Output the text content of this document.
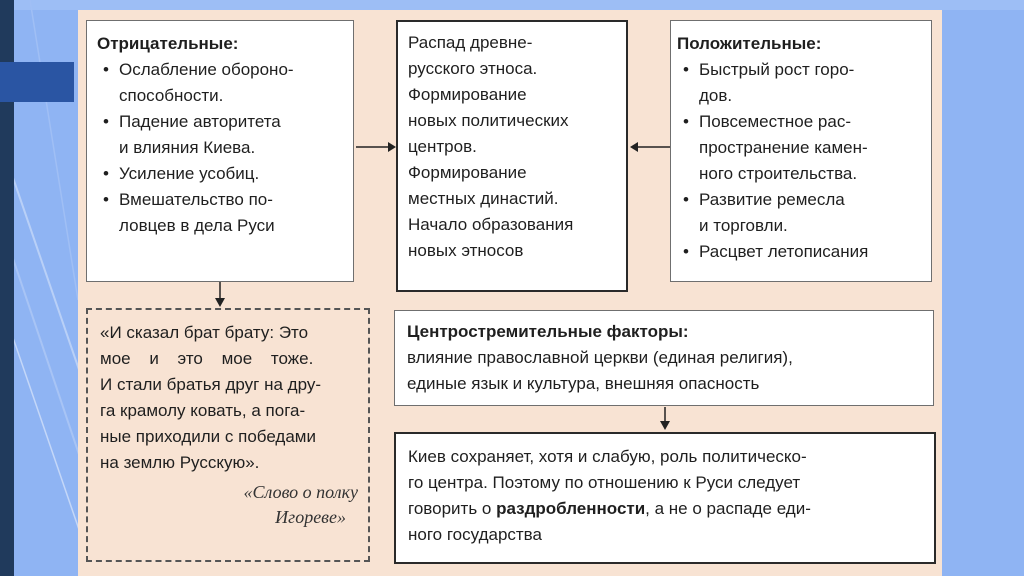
Отрицательные:
• Ослабление обороно-
способности.
• Падение авторитета
и влияния Киева.
• Усиление усобиц.
• Вмешательство по-
ловцев в дела Руси
Распад древне-
русского этноса.
Формирование
новых политических
центров.
Формирование
местных династий.
Начало образования
новых этносов
Положительные:
• Быстрый рост горо-
дов.
• Повсеместное рас-
пространение камен-
ного строительства.
• Развитие ремесла
и торговли.
• Расцвет летописания
«И сказал брат брату: Это
мое и это мое тоже.
И стали братья друг на дру-
га крамолу ковать, а пога-
ные приходили с победами
на землю Русскую».
«Слово о полку
Игореве»
Центростремительные факторы:
влияние православной церкви (единая религия),
единые язык и культура, внешняя опасность
Киев сохраняет, хотя и слабую, роль политическо-
го центра. Поэтому по отношению к Руси следует
говорить о раздробленности, а не о распаде еди-
ного государства
